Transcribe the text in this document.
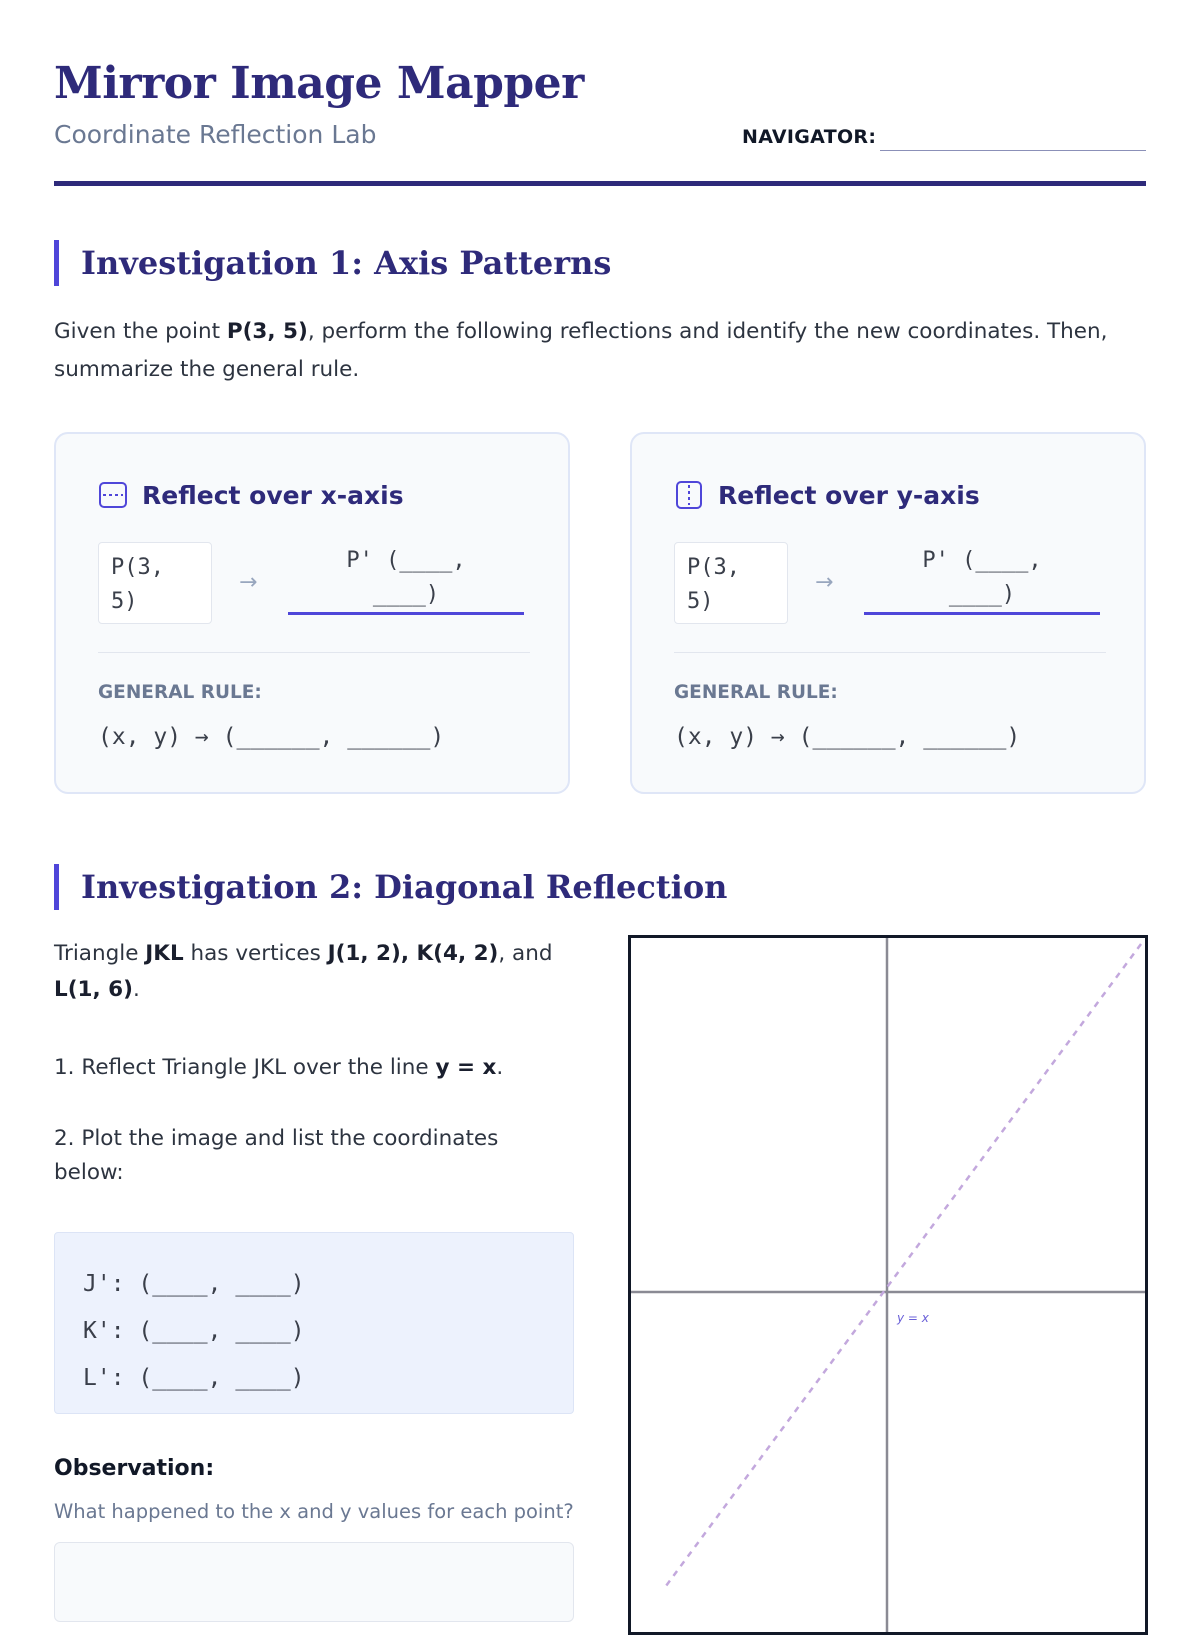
Mirror Image Mapper

Coordinate Reflection Lab	NAVIGATOR:
Investigation 1: Axis Patterns

Given the point P(3, 5), perform the following reflections and identify the new coordinates. Then, summarize the general rule.

Reflect over x-axis
P(3,
5)
→
P' (____,
____)
GENERAL RULE:
(x, y) → (______, ______)
Reflect over y-axis
P(3,
5)
→
P' (____,
____)
GENERAL RULE:
(x, y) → (______, ______)
Investigation 2: Diagonal Reflection

Triangle JKL has vertices J(1, 2), K(4, 2), and L(1, 6).

1. Reflect Triangle JKL over the line y = x.

2. Plot the image and list the coordinates below:

J': (____, ____)
K': (____, ____)
L': (____, ____)
Observation:
What happened to the x and y values for each point?
y = x
